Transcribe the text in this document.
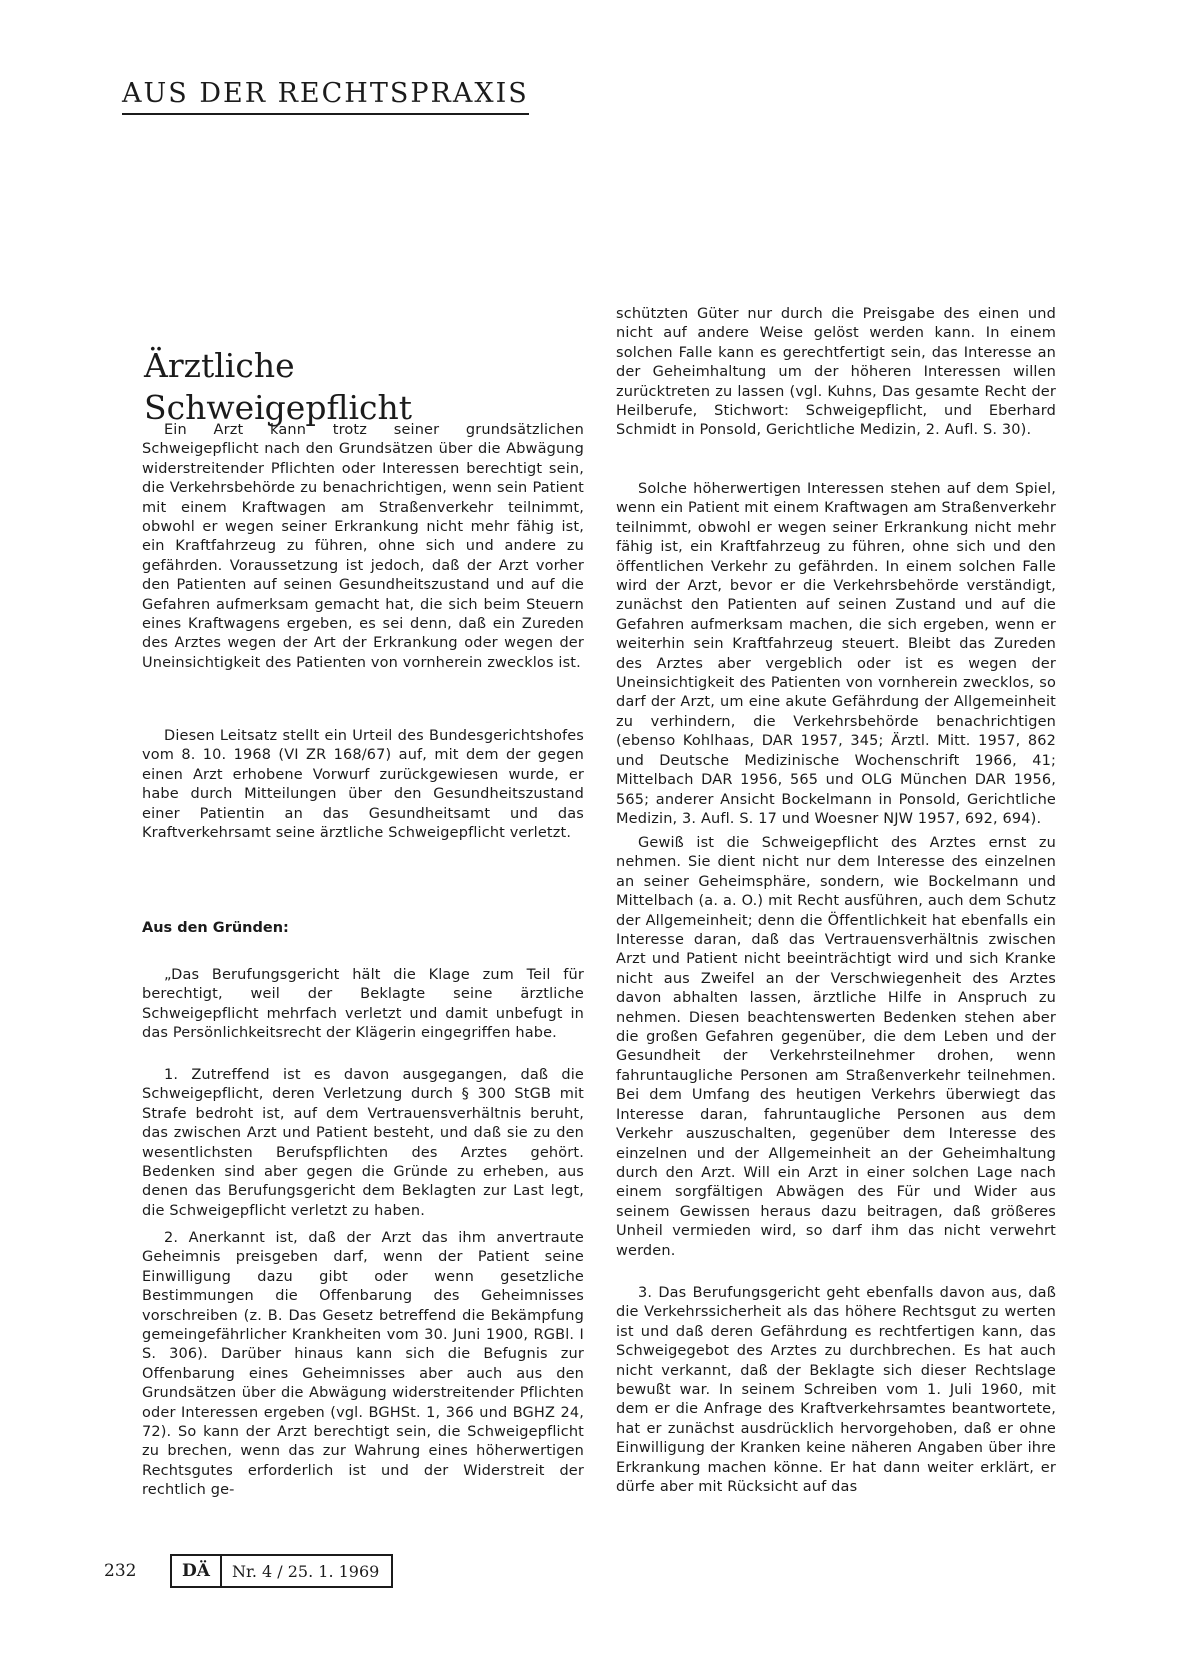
AUS DER RECHTSPRAXIS
Ärztliche
Schweigepflicht

Ein Arzt kann trotz seiner grundsätzlichen Schweigepflicht nach den Grundsätzen über die Abwägung widerstreitender Pflichten oder Interessen berechtigt sein, die Verkehrsbehörde zu benachrichtigen, wenn sein Patient mit einem Kraftwagen am Straßenverkehr teilnimmt, obwohl er wegen seiner Erkrankung nicht mehr fähig ist, ein Kraftfahrzeug zu führen, ohne sich und andere zu gefährden. Voraussetzung ist jedoch, daß der Arzt vorher den Patienten auf seinen Gesundheitszustand und auf die Gefahren aufmerksam gemacht hat, die sich beim Steuern eines Kraftwagens ergeben, es sei denn, daß ein Zureden des Arztes wegen der Art der Erkrankung oder wegen der Uneinsichtigkeit des Patienten von vornherein zwecklos ist.

Diesen Leitsatz stellt ein Urteil des Bundesgerichtshofes vom 8. 10. 1968 (VI ZR 168/67) auf, mit dem der gegen einen Arzt erhobene Vorwurf zurückgewiesen wurde, er habe durch Mitteilungen über den Gesundheitszustand einer Patientin an das Gesundheitsamt und das Kraftverkehrsamt seine ärztliche Schweigepflicht verletzt.

Aus den Gründen:

„Das Berufungsgericht hält die Klage zum Teil für berechtigt, weil der Beklagte seine ärztliche Schweigepflicht mehrfach verletzt und damit unbefugt in das Persönlichkeitsrecht der Klägerin eingegriffen habe.

1. Zutreffend ist es davon ausgegangen, daß die Schweigepflicht, deren Verletzung durch § 300 StGB mit Strafe bedroht ist, auf dem Vertrauensverhältnis beruht, das zwischen Arzt und Patient besteht, und daß sie zu den wesentlichsten Berufspflichten des Arztes gehört. Bedenken sind aber gegen die Gründe zu erheben, aus denen das Berufungsgericht dem Beklagten zur Last legt, die Schweigepflicht verletzt zu haben.

2. Anerkannt ist, daß der Arzt das ihm anvertraute Geheimnis preisgeben darf, wenn der Patient seine Einwilligung dazu gibt oder wenn gesetzliche Bestimmungen die Offenbarung des Geheimnisses vorschreiben (z. B. Das Gesetz betreffend die Bekämpfung gemeingefährlicher Krankheiten vom 30. Juni 1900, RGBl. I S. 306). Darüber hinaus kann sich die Befugnis zur Offenbarung eines Geheimnisses aber auch aus den Grundsätzen über die Abwägung widerstreitender Pflichten oder Interessen ergeben (vgl. BGHSt. 1, 366 und BGHZ 24, 72). So kann der Arzt berechtigt sein, die Schweigepflicht zu brechen, wenn das zur Wahrung eines höherwertigen Rechtsgutes erforderlich ist und der Widerstreit der rechtlich ge-

schützten Güter nur durch die Preisgabe des einen und nicht auf andere Weise gelöst werden kann. In einem solchen Falle kann es gerechtfertigt sein, das Interesse an der Geheimhaltung um der höheren Interessen willen zurücktreten zu lassen (vgl. Kuhns, Das gesamte Recht der Heilberufe, Stichwort: Schweigepflicht, und Eberhard Schmidt in Ponsold, Gerichtliche Medizin, 2. Aufl. S. 30).

Solche höherwertigen Interessen stehen auf dem Spiel, wenn ein Patient mit einem Kraftwagen am Straßenverkehr teilnimmt, obwohl er wegen seiner Erkrankung nicht mehr fähig ist, ein Kraftfahrzeug zu führen, ohne sich und den öffentlichen Verkehr zu gefährden. In einem solchen Falle wird der Arzt, bevor er die Verkehrsbehörde verständigt, zunächst den Patienten auf seinen Zustand und auf die Gefahren aufmerksam machen, die sich ergeben, wenn er weiterhin sein Kraftfahrzeug steuert. Bleibt das Zureden des Arztes aber vergeblich oder ist es wegen der Uneinsichtigkeit des Patienten von vornherein zwecklos, so darf der Arzt, um eine akute Gefährdung der Allgemeinheit zu verhindern, die Verkehrsbehörde benachrichtigen (ebenso Kohlhaas, DAR 1957, 345; Ärztl. Mitt. 1957, 862 und Deutsche Medizinische Wochenschrift 1966, 41; Mittelbach DAR 1956, 565 und OLG München DAR 1956, 565; anderer Ansicht Bockelmann in Ponsold, Gerichtliche Medizin, 3. Aufl. S. 17 und Woesner NJW 1957, 692, 694).

Gewiß ist die Schweigepflicht des Arztes ernst zu nehmen. Sie dient nicht nur dem Interesse des einzelnen an seiner Geheimsphäre, sondern, wie Bockelmann und Mittelbach (a. a. O.) mit Recht ausführen, auch dem Schutz der Allgemeinheit; denn die Öffentlichkeit hat ebenfalls ein Interesse daran, daß das Vertrauensverhältnis zwischen Arzt und Patient nicht beeinträchtigt wird und sich Kranke nicht aus Zweifel an der Verschwiegenheit des Arztes davon abhalten lassen, ärztliche Hilfe in Anspruch zu nehmen. Diesen beachtenswerten Bedenken stehen aber die großen Gefahren gegenüber, die dem Leben und der Gesundheit der Verkehrsteilnehmer drohen, wenn fahruntaugliche Personen am Straßenverkehr teilnehmen. Bei dem Umfang des heutigen Verkehrs überwiegt das Interesse daran, fahruntaugliche Personen aus dem Verkehr auszuschalten, gegenüber dem Interesse des einzelnen und der Allgemeinheit an der Geheimhaltung durch den Arzt. Will ein Arzt in einer solchen Lage nach einem sorgfältigen Abwägen des Für und Wider aus seinem Gewissen heraus dazu beitragen, daß größeres Unheil vermieden wird, so darf ihm das nicht verwehrt werden.

3. Das Berufungsgericht geht ebenfalls davon aus, daß die Verkehrssicherheit als das höhere Rechtsgut zu werten ist und daß deren Gefährdung es rechtfertigen kann, das Schweigegebot des Arztes zu durchbrechen. Es hat auch nicht verkannt, daß der Beklagte sich dieser Rechtslage bewußt war. In seinem Schreiben vom 1. Juli 1960, mit dem er die Anfrage des Kraftverkehrsamtes beantwortete, hat er zunächst ausdrücklich hervorgehoben, daß er ohne Einwilligung der Kranken keine näheren Angaben über ihre Erkrankung machen könne. Er hat dann weiter erklärt, er dürfe aber mit Rücksicht auf das

232	DÄ	Nr. 4 / 25. 1. 1969
